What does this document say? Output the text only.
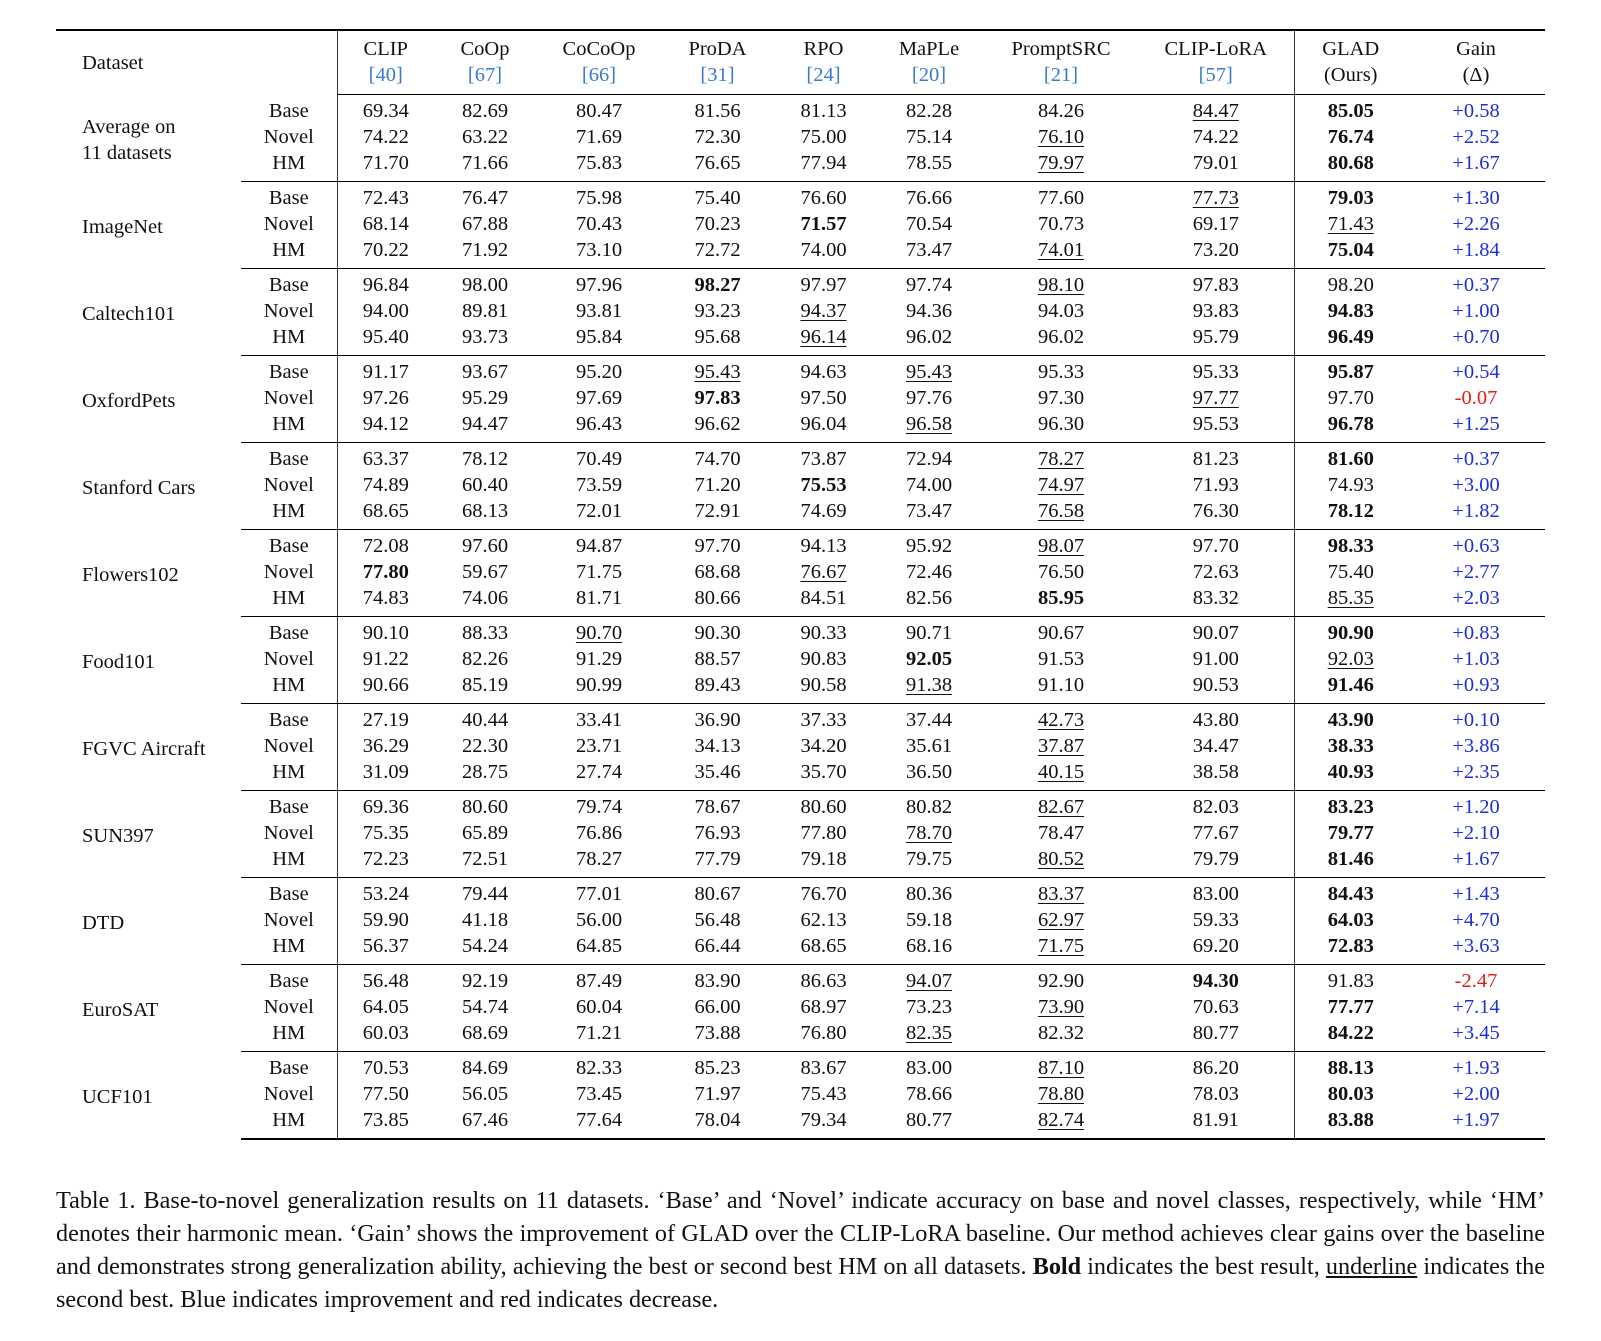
Dataset		CLIP	CoOp	CoCoOp	ProDA	RPO	MaPLe	PromptSRC	CLIP-LoRA	GLAD	Gain
		[40]	[67]	[66]	[31]	[24]	[20]	[21]	[57]	(Ours)	(Δ)

Average on
11 datasets	Base	69.34	82.69	80.47	81.56	81.13	82.28	84.26	84.47	85.05	+0.58
	Novel	74.22	63.22	71.69	72.30	75.00	75.14	76.10	74.22	76.74	+2.52
	HM	71.70	71.66	75.83	76.65	77.94	78.55	79.97	79.01	80.68	+1.67

ImageNet	Base	72.43	76.47	75.98	75.40	76.60	76.66	77.60	77.73	79.03	+1.30
	Novel	68.14	67.88	70.43	70.23	71.57	70.54	70.73	69.17	71.43	+2.26
	HM	70.22	71.92	73.10	72.72	74.00	73.47	74.01	73.20	75.04	+1.84

Caltech101	Base	96.84	98.00	97.96	98.27	97.97	97.74	98.10	97.83	98.20	+0.37
	Novel	94.00	89.81	93.81	93.23	94.37	94.36	94.03	93.83	94.83	+1.00
	HM	95.40	93.73	95.84	95.68	96.14	96.02	96.02	95.79	96.49	+0.70

OxfordPets	Base	91.17	93.67	95.20	95.43	94.63	95.43	95.33	95.33	95.87	+0.54
	Novel	97.26	95.29	97.69	97.83	97.50	97.76	97.30	97.77	97.70	-0.07
	HM	94.12	94.47	96.43	96.62	96.04	96.58	96.30	95.53	96.78	+1.25

Stanford Cars	Base	63.37	78.12	70.49	74.70	73.87	72.94	78.27	81.23	81.60	+0.37
	Novel	74.89	60.40	73.59	71.20	75.53	74.00	74.97	71.93	74.93	+3.00
	HM	68.65	68.13	72.01	72.91	74.69	73.47	76.58	76.30	78.12	+1.82

Flowers102	Base	72.08	97.60	94.87	97.70	94.13	95.92	98.07	97.70	98.33	+0.63
	Novel	77.80	59.67	71.75	68.68	76.67	72.46	76.50	72.63	75.40	+2.77
	HM	74.83	74.06	81.71	80.66	84.51	82.56	85.95	83.32	85.35	+2.03

Food101	Base	90.10	88.33	90.70	90.30	90.33	90.71	90.67	90.07	90.90	+0.83
	Novel	91.22	82.26	91.29	88.57	90.83	92.05	91.53	91.00	92.03	+1.03
	HM	90.66	85.19	90.99	89.43	90.58	91.38	91.10	90.53	91.46	+0.93

FGVC Aircraft	Base	27.19	40.44	33.41	36.90	37.33	37.44	42.73	43.80	43.90	+0.10
	Novel	36.29	22.30	23.71	34.13	34.20	35.61	37.87	34.47	38.33	+3.86
	HM	31.09	28.75	27.74	35.46	35.70	36.50	40.15	38.58	40.93	+2.35

SUN397	Base	69.36	80.60	79.74	78.67	80.60	80.82	82.67	82.03	83.23	+1.20
	Novel	75.35	65.89	76.86	76.93	77.80	78.70	78.47	77.67	79.77	+2.10
	HM	72.23	72.51	78.27	77.79	79.18	79.75	80.52	79.79	81.46	+1.67

DTD	Base	53.24	79.44	77.01	80.67	76.70	80.36	83.37	83.00	84.43	+1.43
	Novel	59.90	41.18	56.00	56.48	62.13	59.18	62.97	59.33	64.03	+4.70
	HM	56.37	54.24	64.85	66.44	68.65	68.16	71.75	69.20	72.83	+3.63

EuroSAT	Base	56.48	92.19	87.49	83.90	86.63	94.07	92.90	94.30	91.83	-2.47
	Novel	64.05	54.74	60.04	66.00	68.97	73.23	73.90	70.63	77.77	+7.14
	HM	60.03	68.69	71.21	73.88	76.80	82.35	82.32	80.77	84.22	+3.45

UCF101	Base	70.53	84.69	82.33	85.23	83.67	83.00	87.10	86.20	88.13	+1.93
	Novel	77.50	56.05	73.45	71.97	75.43	78.66	78.80	78.03	80.03	+2.00
	HM	73.85	67.46	77.64	78.04	79.34	80.77	82.74	81.91	83.88	+1.97
Table 1. Base-to-novel generalization results on 11 datasets. ‘Base’ and ‘Novel’ indicate accuracy on base and novel classes, respectively, while ‘HM’ denotes their harmonic mean. ‘Gain’ shows the improvement of GLAD over the CLIP-LoRA baseline. Our method achieves clear gains over the baseline and demonstrates strong generalization ability, achieving the best or second best HM on all datasets. Bold indicates the best result, underline indicates the second best. Blue indicates improvement and red indicates decrease.
